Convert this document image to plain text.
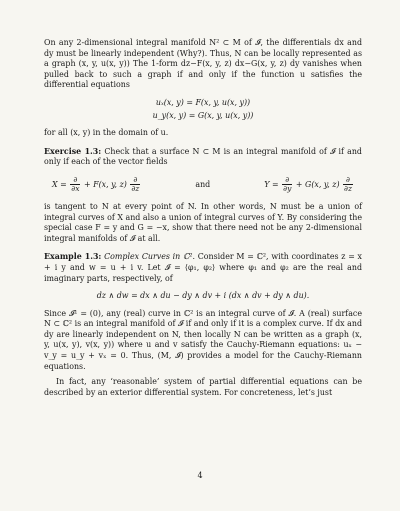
On any 2-dimensional integral manifold N² ⊂ M of 𝓘, the differentials dx and dy must be linearly independent (Why?). Thus, N can be locally represented as a graph (x, y, u(x, y)) The 1-form dz−F(x, y, z) dx−G(x, y, z) dy vanishes when pulled back to such a graph if and only if the function u satisfies the differential equations

uₓ(x, y) = F(x, y, u(x, y))
u_y(x, y) = G(x, y, u(x, y))

for all (x, y) in the domain of u.

Exercise 1.3: Check that a surface N ⊂ M is an integral manifold of 𝓘 if and only if each of the vector fields

$X = \frac{\partial}{\partial x} + F(x$, y, $z) \frac{\partial}{\partial z}$	and	$Y = \frac{\partial}{\partial y} + G(x$, y, $z) \frac{\partial}{\partial z}$

is tangent to N at every point of N. In other words, N must be a union of integral curves of X and also a union of integral curves of Y. By considering the special case F = y and G = −x, show that there need not be any 2-dimensional integral manifolds of 𝓘 at all.

Example 1.3: Complex Curves in ℂ². Consider M = ℂ², with coordinates z = x + i y and w = u + i v. Let 𝓘 = ⟨φ₁, φ₂⟩ where φ₁ and φ₂ are the real and imaginary parts, respectively, of

dz ∧ dw = dx ∧ du − dy ∧ dv + i (dx ∧ dv + dy ∧ du).

Since 𝓘¹ = (0), any (real) curve in ℂ² is an integral curve of 𝓘. A (real) surface N ⊂ ℂ² is an integral manifold of 𝓘 if and only if it is a complex curve. If dx and dy are linearly independent on N, then locally N can be written as a graph (x, y, u(x, y), v(x, y)) where u and v satisfy the Cauchy-Riemann equations: uₓ − v_y = u_y + vₓ = 0. Thus, (M, 𝓘) provides a model for the Cauchy-Riemann equations.

In fact, any ‘reasonable’ system of partial differential equations can be described by an exterior differential system. For concreteness, let’s just

4
